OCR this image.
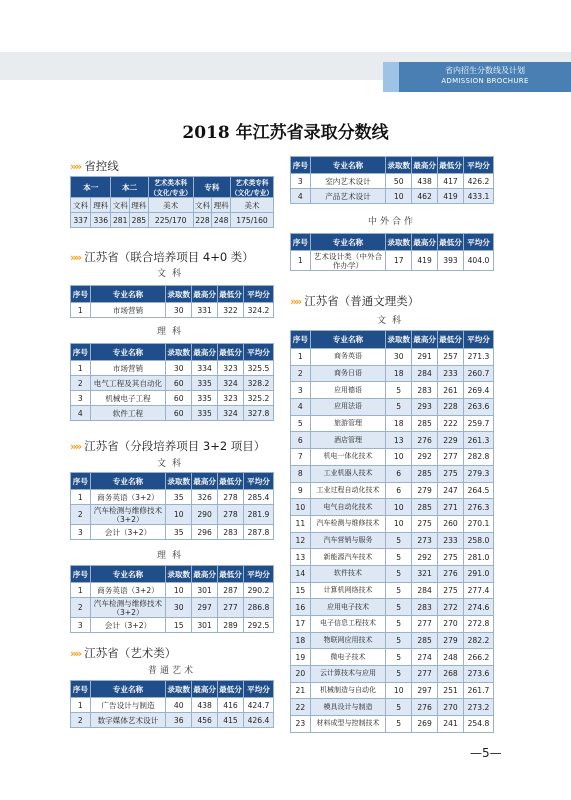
省内招生分数线及计划
ADMISSION BROCHURE
2018 年江苏省录取分数线
»» 省控线
本一		本二		艺术类本科（文化/专业）	专科		艺术类专科（文化/专业）
文科	理科	文科	理科	美术	文科	理科	美术
337	336	281	285	225/170	228	248	175/160
»» 江苏省（联合培养项目 4+0 类）
文科
序号	专业名称	录取数	最高分	最低分	平均分
1	市场营销	30	331	322	324.2
理科
序号	专业名称	录取数	最高分	最低分	平均分
1	市场营销	30	334	323	325.5
2	电气工程及其自动化	60	335	324	328.2
3	机械电子工程	60	335	323	325.2
4	软件工程	60	335	324	327.8
»» 江苏省（分段培养项目 3+2 项目）
文科
序号	专业名称	录取数	最高分	最低分	平均分
1	商务英语（3+2）	35	326	278	285.4
2	汽车检测与维修技术（3+2）	10	290	278	281.9
3	会计（3+2）	35	296	283	287.8
理科
序号	专业名称	录取数	最高分	最低分	平均分
1	商务英语（3+2）	10	301	287	290.2
2	汽车检测与维修技术（3+2）	30	297	277	286.8
3	会计（3+2）	15	301	289	292.5
»» 江苏省（艺术类）
普通艺术
序号	专业名称	录取数	最高分	最低分	平均分
1	广告设计与制造	40	438	416	424.7
2	数字媒体艺术设计	36	456	415	426.4
序号	专业名称	录取数	最高分	最低分	平均分
3	室内艺术设计	50	438	417	426.2
4	产品艺术设计	10	462	419	433.1
中外合作
序号	专业名称	录取数	最高分	最低分	平均分
1	艺术设计类（中外合作办学）	17	419	393	404.0
»» 江苏省（普通文理类）
文科
序号	专业名称	录取数	最高分	最低分	平均分
1	商务英语	30	291	257	271.3
2	商务日语	18	284	233	260.7
3	应用德语	5	283	261	269.4
4	应用法语	5	293	228	263.6
5	旅游管理	18	285	222	259.7
6	酒店管理	13	276	229	261.3
7	机电一体化技术	10	292	277	282.8
8	工业机器人技术	6	285	275	279.3
9	工业过程自动化技术	6	279	247	264.5
10	电气自动化技术	10	285	271	276.3
11	汽车检测与维修技术	10	275	260	270.1
12	汽车营销与服务	5	273	233	258.0
13	新能源汽车技术	5	292	275	281.0
14	软件技术	5	321	276	291.0
15	计算机网络技术	5	284	275	277.4
16	应用电子技术	5	283	272	274.6
17	电子信息工程技术	5	277	270	272.8
18	物联网应用技术	5	285	279	282.2
19	微电子技术	5	274	248	266.2
20	云计算技术与应用	5	277	268	273.6
21	机械制造与自动化	10	297	251	261.7
22	模具设计与制造	5	276	270	273.2
23	材料成型与控制技术	5	269	241	254.8
—5—
